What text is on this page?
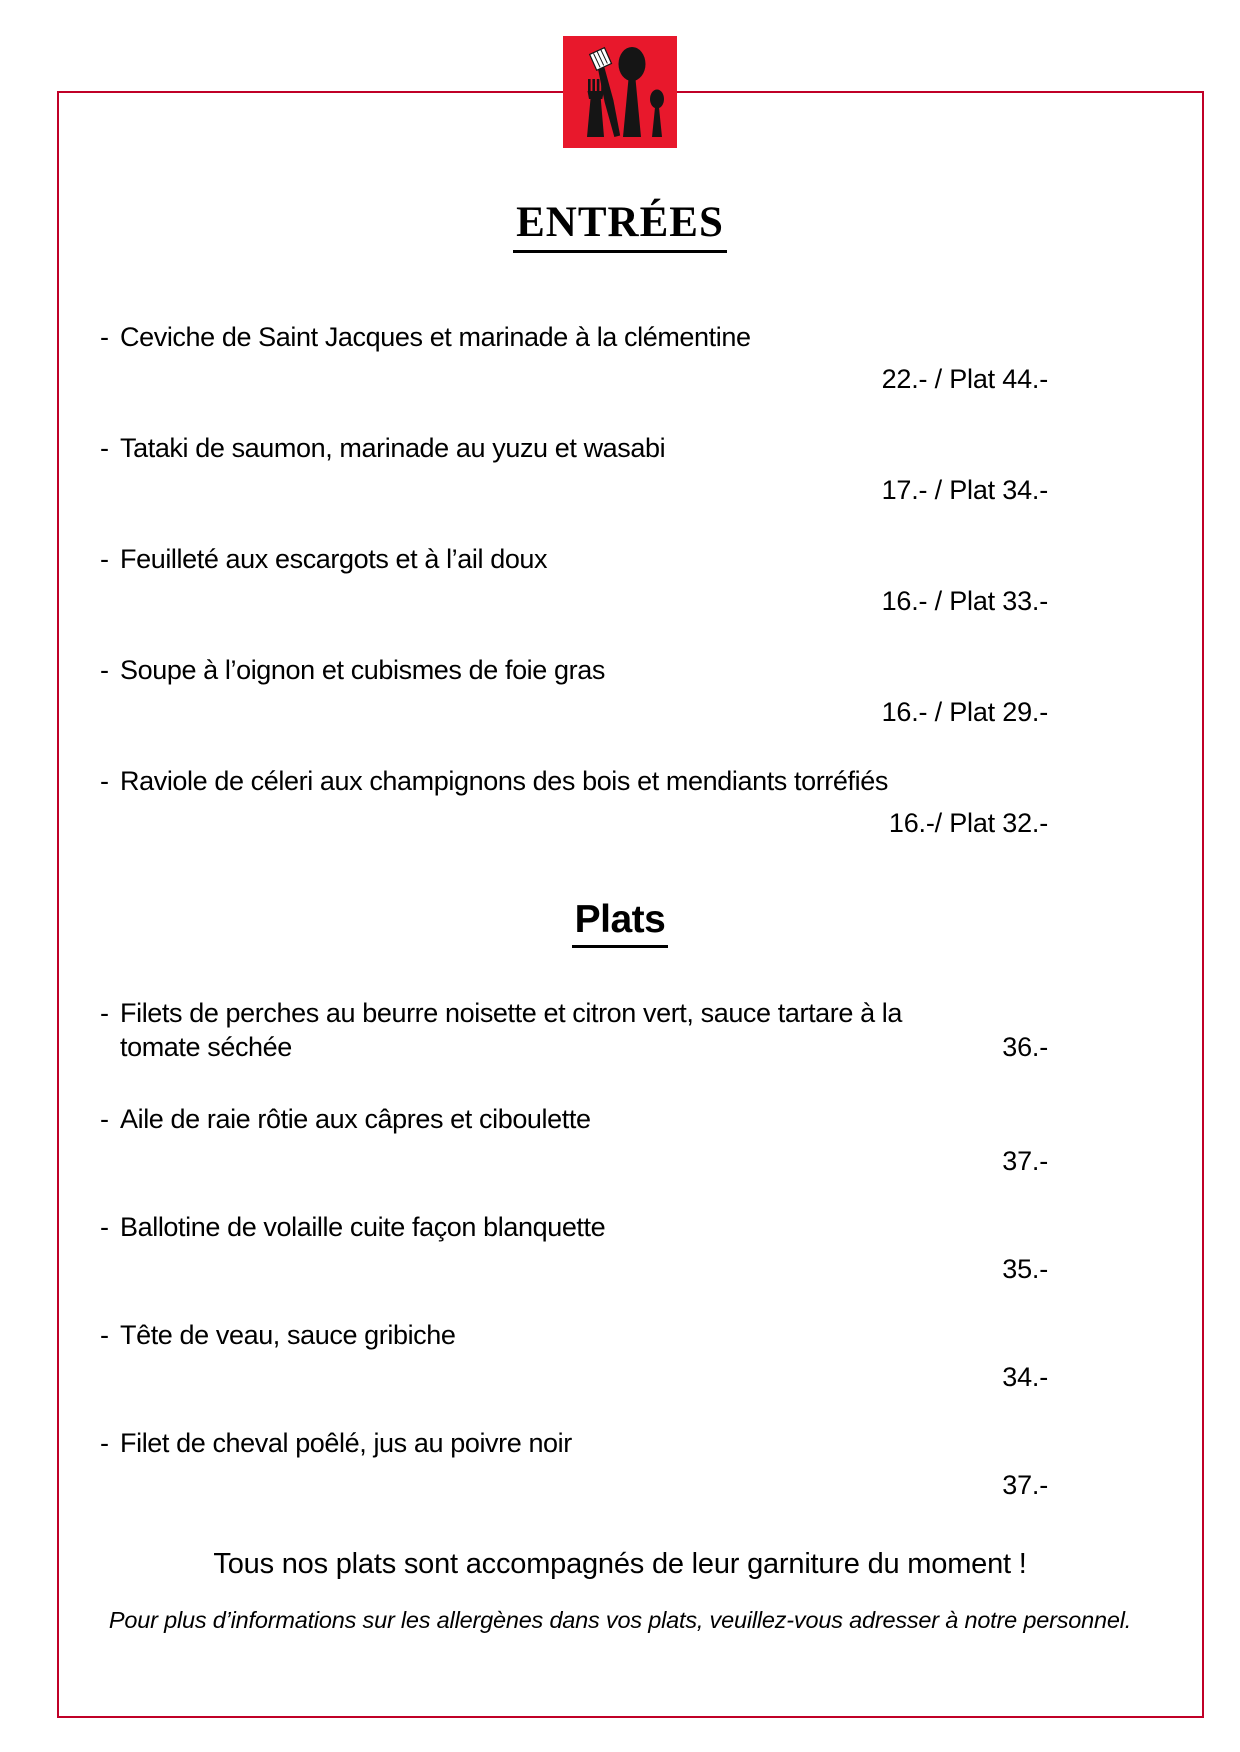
ENTRÉES
- Ceviche de Saint Jacques et marinade à la clémentine
22.- / Plat 44.-
- Tataki de saumon, marinade au yuzu et wasabi
17.- / Plat 34.-
- Feuilleté aux escargots et à l’ail doux
16.- / Plat 33.-
- Soupe à l’oignon et cubismes de foie gras
16.- / Plat 29.-
- Raviole de céleri aux champignons des bois et mendiants torréfiés
16.-/ Plat 32.-
Plats
- Filets de perches au beurre noisette et citron vert, sauce tartare à la tomate séchée	36.-
- Aile de raie rôtie aux câpres et ciboulette
37.-
- Ballotine de volaille cuite façon blanquette
35.-
- Tête de veau, sauce gribiche
34.-
- Filet de cheval poêlé, jus au poivre noir
37.-
Tous nos plats sont accompagnés de leur garniture du moment !
Pour plus d’informations sur les allergènes dans vos plats, veuillez-vous adresser à notre personnel.
